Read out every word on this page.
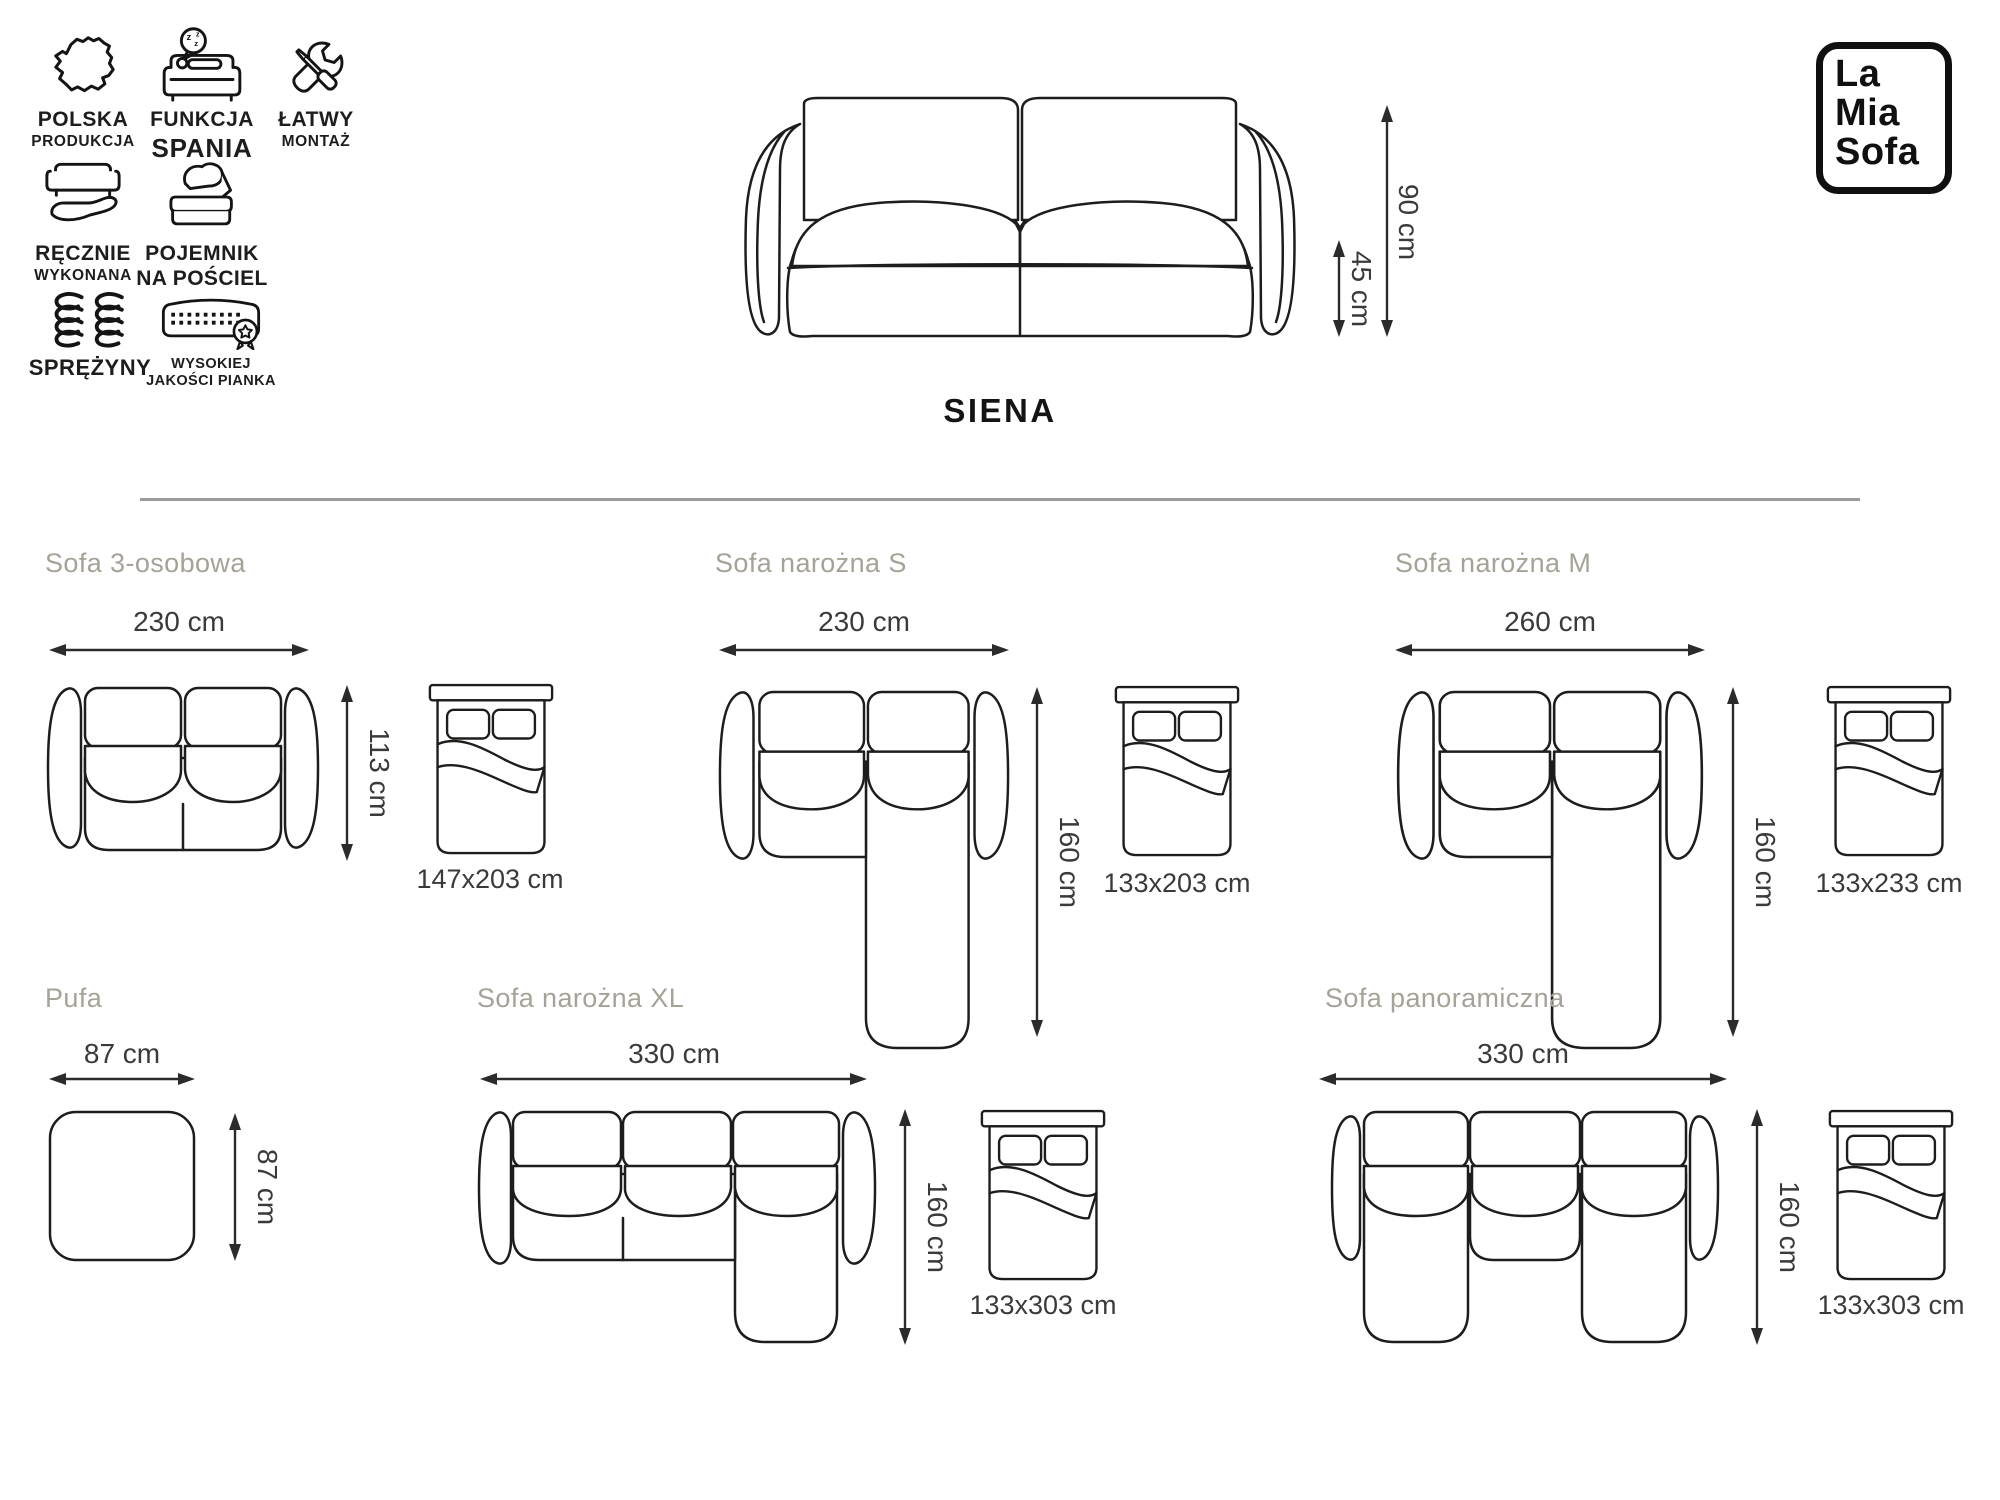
POLSKA
PRODUKCJA
z
z
z
FUNKCJA
SPANIA
ŁATWY
MONTAŻ
RĘCZNIE
WYKONANA
POJEMNIK
NA POŚCIEL
SPRĘŻYNY	WYSOKIEJ
JAKOŚCI PIANKA
45 cm
90 cm
SIENA
La
Mia
Sofa
Sofa 3-osobowa
230 cm
113 cm
147x203 cm
Sofa narożna S
230 cm
160 cm 133x203 cm
Sofa narożna M
260 cm
160 cm	133x233 cm
Pufa
87 cm
87 cm
Sofa narożna XL
330 cm
160 cm
133x303 cm
Sofa panoramiczna
330 cm
160 cm
133x303 cm
